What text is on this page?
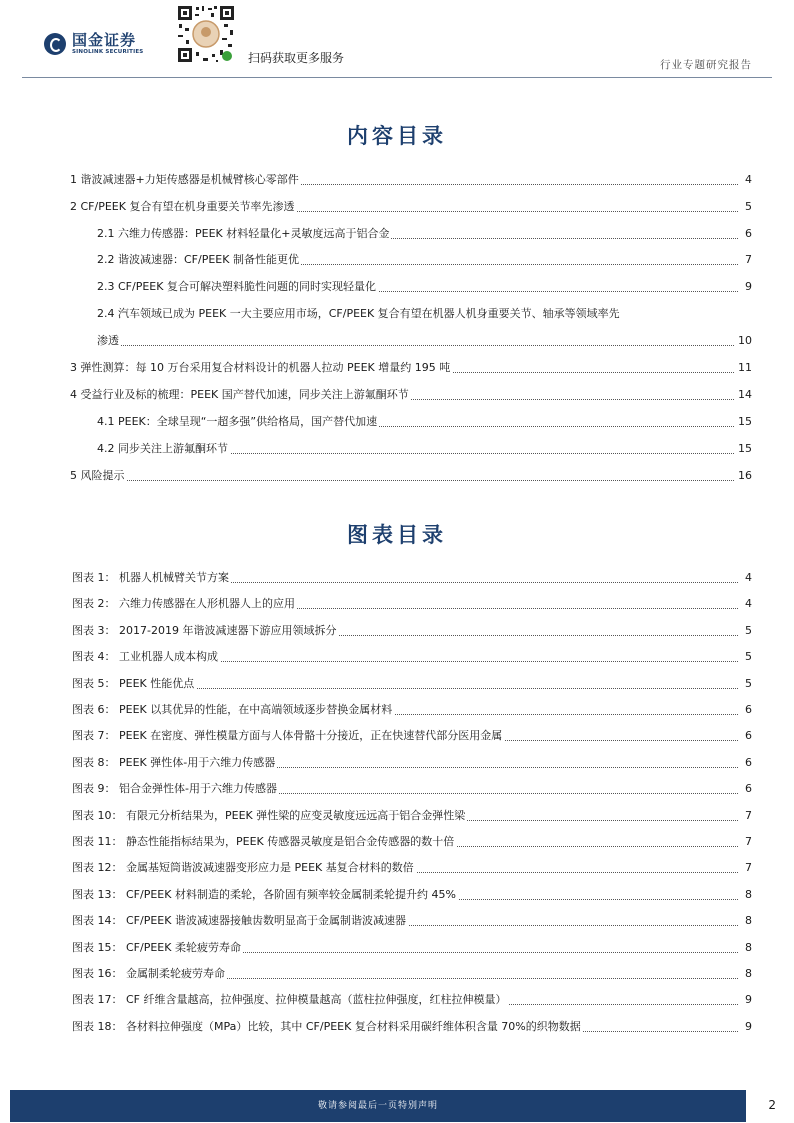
国金证券
SINOLINK SECURITIES	扫码获取更多服务	行业专题研究报告
内容目录
1 谐波减速器+力矩传感器是机械臂核心零部件	4
2 CF/PEEK 复合有望在机身重要关节率先渗透	5
2.1 六维力传感器：PEEK 材料轻量化+灵敏度远高于铝合金	6
2.2 谐波减速器：CF/PEEK 制备性能更优	7
2.3 CF/PEEK 复合可解决塑料脆性问题的同时实现轻量化	9
2.4 汽车领域已成为 PEEK 一大主要应用市场，CF/PEEK 复合有望在机器人机身重要关节、轴承等领域率先
渗透	10
3 弹性测算：每 10 万台采用复合材料设计的机器人拉动 PEEK 增量约 195 吨	11
4 受益行业及标的梳理：PEEK 国产替代加速，同步关注上游氟酮环节	14
4.1 PEEK：全球呈现“一超多强”供给格局，国产替代加速	15
4.2 同步关注上游氟酮环节	15
5 风险提示	16
图表目录
图表 1： 机器人机械臂关节方案	4
图表 2： 六维力传感器在人形机器人上的应用	4
图表 3： 2017-2019 年谐波减速器下游应用领域拆分	5
图表 4： 工业机器人成本构成	5
图表 5： PEEK 性能优点	5
图表 6： PEEK 以其优异的性能，在中高端领域逐步替换金属材料	6
图表 7： PEEK 在密度、弹性模量方面与人体骨骼十分接近，正在快速替代部分医用金属	6
图表 8： PEEK 弹性体-用于六维力传感器	6
图表 9： 铝合金弹性体-用于六维力传感器	6
图表 10： 有限元分析结果为，PEEK 弹性梁的应变灵敏度远远高于铝合金弹性梁	7
图表 11： 静态性能指标结果为，PEEK 传感器灵敏度是铝合金传感器的数十倍	7
图表 12： 金属基短筒谐波减速器变形应力是 PEEK 基复合材料的数倍	7
图表 13： CF/PEEK 材料制造的柔轮，各阶固有频率较金属制柔轮提升约 45%	8
图表 14： CF/PEEK 谐波减速器接触齿数明显高于金属制谐波减速器	8
图表 15： CF/PEEK 柔轮疲劳寿命	8
图表 16： 金属制柔轮疲劳寿命	8
图表 17： CF 纤维含量越高，拉伸强度、拉伸模量越高（蓝柱拉伸强度，红柱拉伸模量）	9
图表 18： 各材料拉伸强度（MPa）比较，其中 CF/PEEK 复合材料采用碳纤维体积含量 70%的织物数据	9
敬请参阅最后一页特别声明	2
